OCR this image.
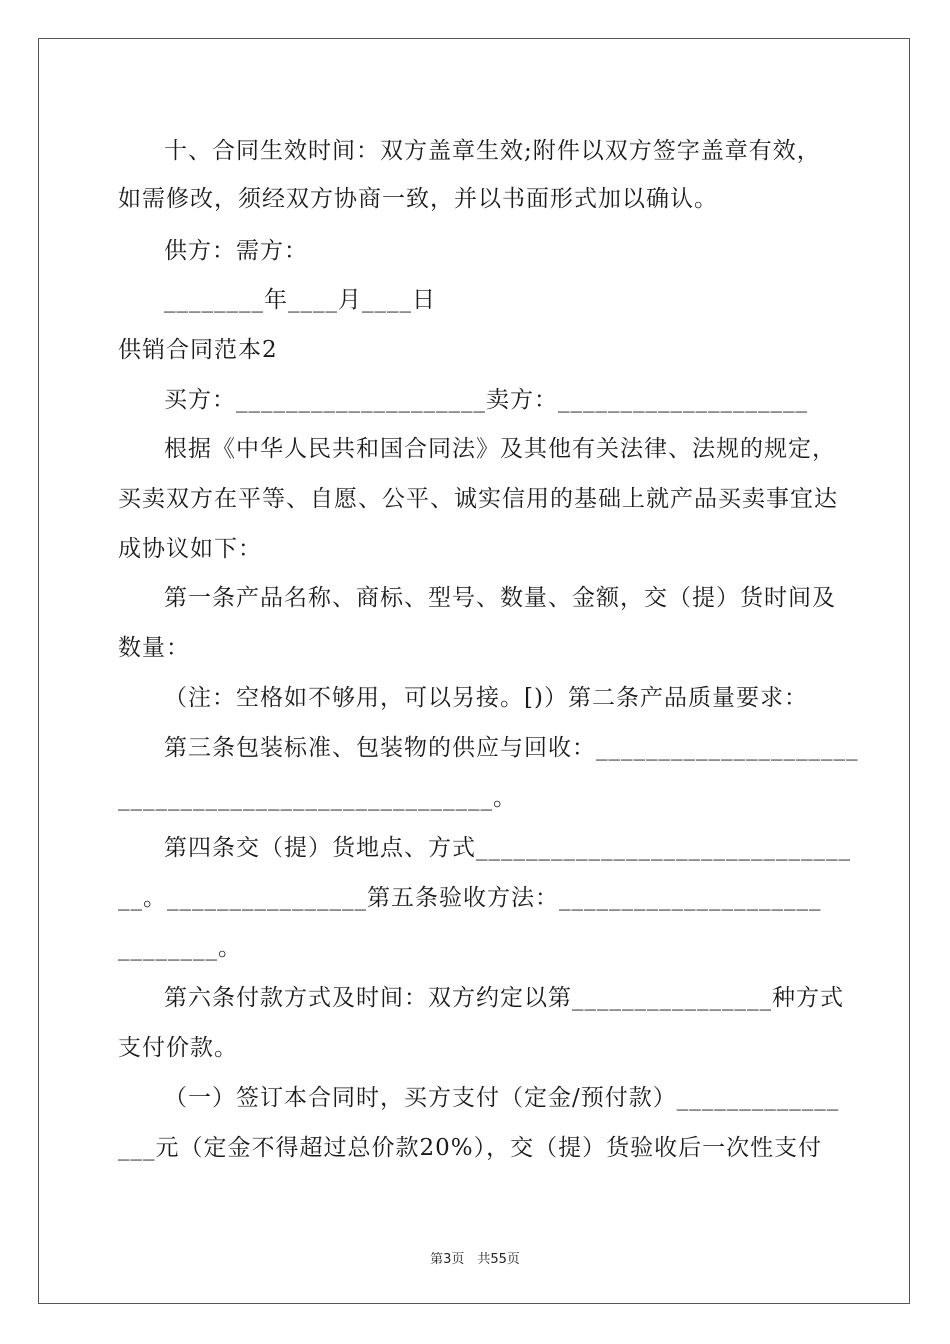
十、合同生效时间：双方盖章生效;附件以双方签字盖章有效，
如需修改，须经双方协商一致，并以书面形式加以确认。
供方：需方：
________年____月____日
供销合同范本2
买方：____________________卖方：____________________
根据《中华人民共和国合同法》及其他有关法律、法规的规定，
买卖双方在平等、自愿、公平、诚实信用的基础上就产品买卖事宜达
成协议如下：
第一条产品名称、商标、型号、数量、金额，交（提）货时间及
数量：
（注：空格如不够用，可以另接。[)）第二条产品质量要求：
第三条包装标准、包装物的供应与回收：_____________________
______________________________。
第四条交（提）货地点、方式______________________________
__。________________第五条验收方法：_____________________
________。
第六条付款方式及时间：双方约定以第________________种方式
支付价款。
（一）签订本合同时，买方支付（定金/预付款）_____________
___元（定金不得超过总价款20%），交（提）货验收后一次性支付
第3页　共55页
